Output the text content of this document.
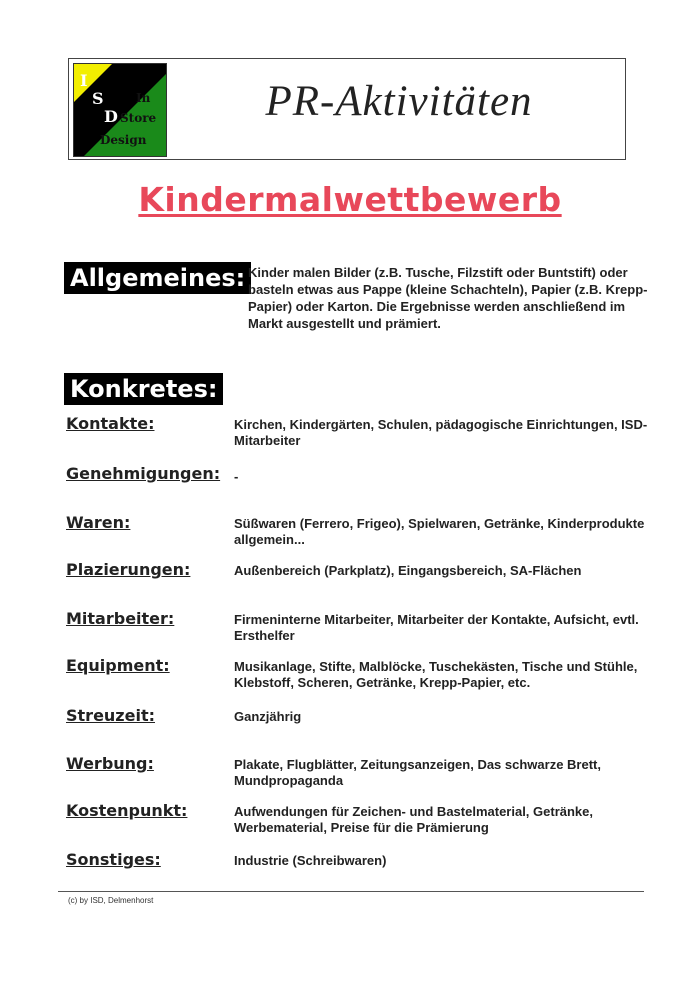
I
S
D
In
Store
Design
PR-Aktivitäten
Kindermalwettbewerb
Allgemeines: Kinder malen Bilder (z.B. Tusche, Filzstift oder Buntstift) oder basteln etwas aus Pappe (kleine Schachteln), Papier (z.B. Krepp-Papier) oder Karton. Die Ergebnisse werden anschließend im Markt ausgestellt und prämiert.
Konkretes:
Kontakte:	Kirchen, Kindergärten, Schulen, pädagogische Einrichtungen, ISD-Mitarbeiter
Genehmigungen: -
Waren:	Süßwaren (Ferrero, Frigeo), Spielwaren, Getränke, Kinderprodukte allgemein...
Plazierungen:	Außenbereich (Parkplatz), Eingangsbereich, SA-Flächen
Mitarbeiter:	Firmeninterne Mitarbeiter, Mitarbeiter der Kontakte, Aufsicht, evtl. Ersthelfer
Equipment:	Musikanlage, Stifte, Malblöcke, Tuschekästen, Tische und Stühle, Klebstoff, Scheren, Getränke, Krepp-Papier, etc.
Streuzeit:	Ganzjährig
Werbung:	Plakate, Flugblätter, Zeitungsanzeigen, Das schwarze Brett, Mundpropaganda
Kostenpunkt:	Aufwendungen für Zeichen- und Bastelmaterial, Getränke, Werbematerial, Preise für die Prämierung
Sonstiges:	Industrie (Schreibwaren)
(c) by ISD, Delmenhorst
